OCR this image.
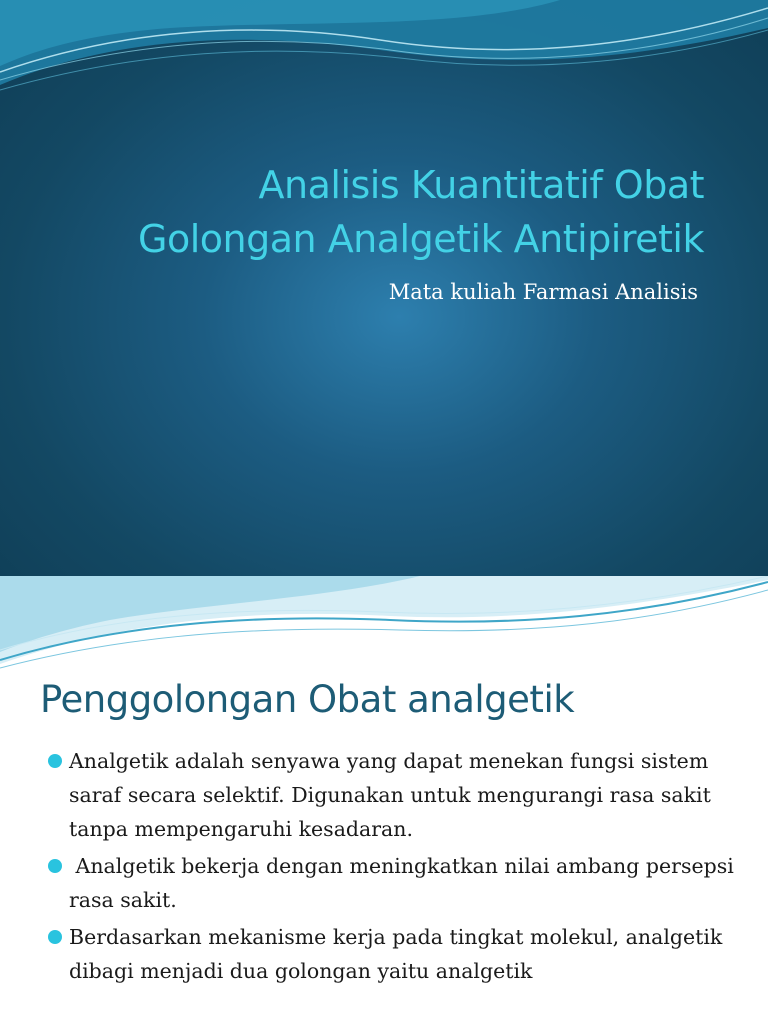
Analisis Kuantitatif Obat
Golongan Analgetik Antipiretik
Mata kuliah Farmasi Analisis
Penggolongan Obat analgetik
Analgetik adalah senyawa yang dapat menekan fungsi sistem saraf secara selektif. Digunakan untuk mengurangi rasa sakit tanpa mempengaruhi kesadaran.
Analgetik bekerja dengan meningkatkan nilai ambang persepsi rasa sakit.
Berdasarkan mekanisme kerja pada tingkat molekul, analgetik dibagi menjadi dua golongan yaitu analgetik
